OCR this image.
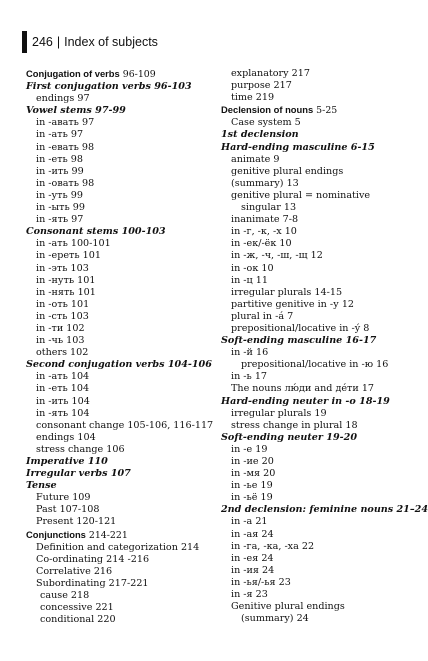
246 | Index of subjects
Conjugation of verbs 96-109
First conjugation verbs 96-103
endings 97
Vowel stems 97-99
in -авать 97
in -ать 97
in -евать 98
in -еть 98
in -ить 99
in -овать 98
in -уть 99
in -ыть 99
in -ять 97
Consonant stems 100-103
in -ать 100-101
in -ереть 101
in -эть 103
in -нуть 101
in -нять 101
in -оть 101
in -сть 103
in -ти 102
in -чь 103
others 102
Second conjugation verbs 104-106
in -ать 104
in -еть 104
in -ить 104
in -ять 104
consonant change 105-106, 116-117
endings 104
stress change 106
Imperative 110
Irregular verbs 107
Tense
Future 109
Past 107-108
Present 120-121
Conjunctions 214-221
Definition and categorization 214
Co-ordinating 214 -216
Correlative 216
Subordinating 217-221
cause 218
concessive 221
conditional 220
explanatory 217
purpose 217
time 219
Declension of nouns 5-25
Case system 5
1st declension
Hard-ending masculine 6-15
animate 9
genitive plural endings
(summary) 13
genitive plural = nominative
singular 13
inanimate 7-8
in -г, -к, -х 10
in -ек/-ёк 10
in -ж, -ч, -ш, -щ 12
in -ок 10
in -ц 11
irregular plurals 14-15
partitive genitive in -у 12
plural in -á 7
prepositional/locative in -ý 8
Soft-ending masculine 16-17
in -й 16
prepositional/locative in -ю 16
in -ь 17
The nouns лю́ди and де́ти 17
Hard-ending neuter in -о 18-19
irregular plurals 19
stress change in plural 18
Soft-ending neuter 19-20
in -е 19
in -ие 20
in -мя 20
in -ье 19
in -ьё 19
2nd declension: feminine nouns 21–24
in -а 21
in -ая 24
in -га, -ка, -ха 22
in -ея 24
in -ия 24
in -ья/-ья 23
in -я 23
Genitive plural endings
(summary) 24
